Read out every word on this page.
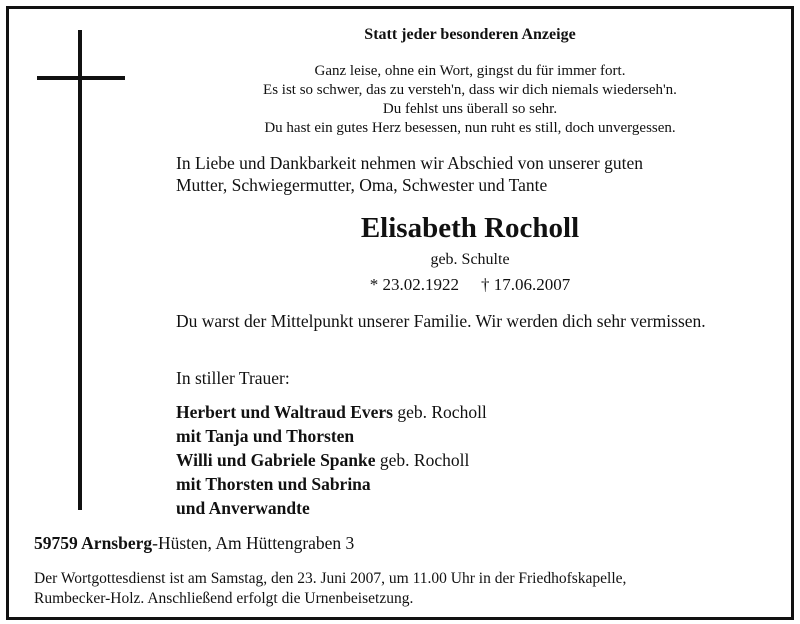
Statt jeder besonderen Anzeige
Ganz leise, ohne ein Wort, gingst du für immer fort.
Es ist so schwer, das zu versteh'n, dass wir dich niemals wiederseh'n.
Du fehlst uns überall so sehr.
Du hast ein gutes Herz besessen, nun ruht es still, doch unvergessen.
In Liebe und Dankbarkeit nehmen wir Abschied von unserer guten
Mutter, Schwiegermutter, Oma, Schwester und Tante
Elisabeth Rocholl
geb. Schulte
* 23.02.1922 † 17.06.2007
Du warst der Mittelpunkt unserer Familie. Wir werden dich sehr vermissen.
In stiller Trauer:
Herbert und Waltraud Evers geb. Rocholl
mit Tanja und Thorsten
Willi und Gabriele Spanke geb. Rocholl
mit Thorsten und Sabrina
und Anverwandte
59759 Arnsberg-Hüsten, Am Hüttengraben 3
Der Wortgottesdienst ist am Samstag, den 23. Juni 2007, um 11.00 Uhr in der Friedhofskapelle,
Rumbecker-Holz. Anschließend erfolgt die Urnenbeisetzung.
